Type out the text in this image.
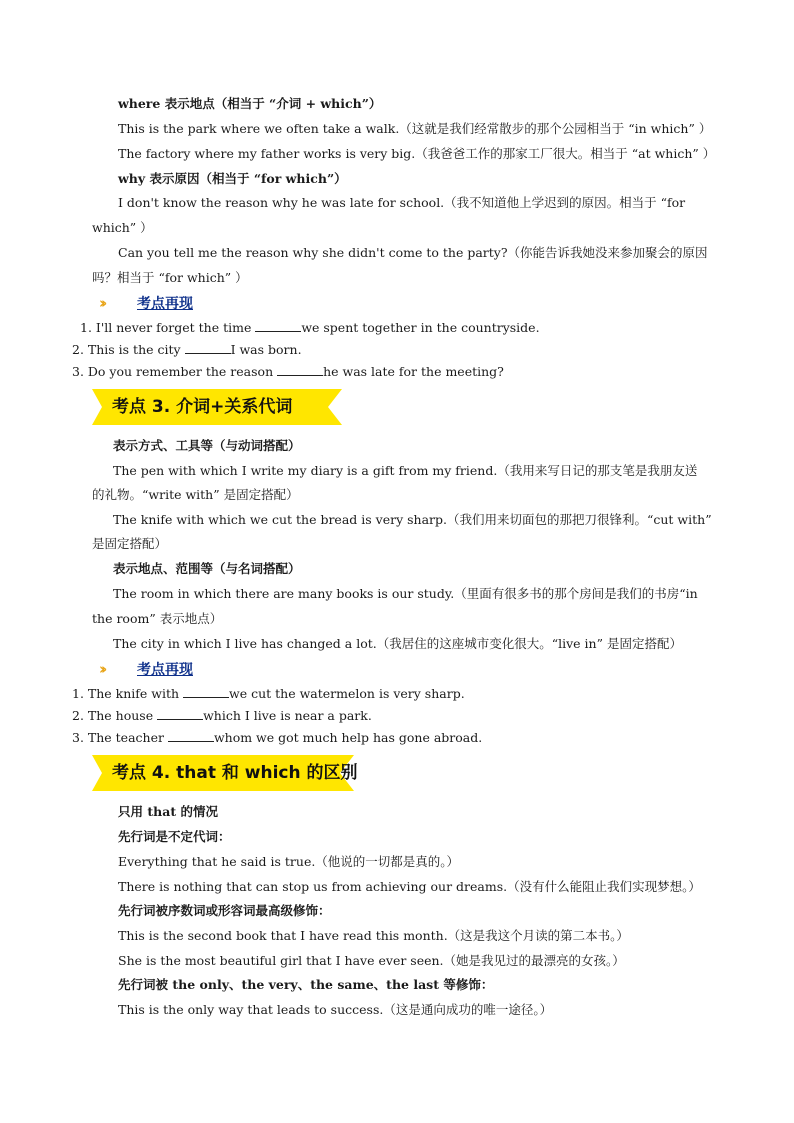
where 表示地点（相当于 “介词 + which”）
This is the park where we often take a walk.（这就是我们经常散步的那个公园相当于 “in which” ）
The factory where my father works is very big.（我爸爸工作的那家工厂很大。相当于 “at which” ）
why 表示原因（相当于 “for which”）
I don't know the reason why he was late for school.（我不知道他上学迟到的原因。相当于 “for
which” ）
Can you tell me the reason why she didn't come to the party?（你能告诉我她没来参加聚会的原因
吗？相当于 “for which” ）
››	考点再现
1. I'll never forget the time	we spent together in the countryside.
2. This is the city	I was born.
3. Do you remember the reason	he was late for the meeting?
考点 3. 介词+关系代词
表示方式、工具等（与动词搭配）
The pen with which I write my diary is a gift from my friend.（我用来写日记的那支笔是我朋友送
的礼物。“write with” 是固定搭配）
The knife with which we cut the bread is very sharp.（我们用来切面包的那把刀很锋利。“cut with”
是固定搭配）
表示地点、范围等（与名词搭配）
The room in which there are many books is our study.（里面有很多书的那个房间是我们的书房“in
the room” 表示地点）
The city in which I live has changed a lot.（我居住的这座城市变化很大。“live in” 是固定搭配）
››	考点再现
1. The knife with	we cut the watermelon is very sharp.
2. The house	which I live is near a park.
3. The teacher	whom we got much help has gone abroad.
考点 4. that 和 which 的区别
只用 that 的情况
先行词是不定代词：
Everything that he said is true.（他说的一切都是真的。）
There is nothing that can stop us from achieving our dreams.（没有什么能阻止我们实现梦想。）
先行词被序数词或形容词最高级修饰：
This is the second book that I have read this month.（这是我这个月读的第二本书。）
She is the most beautiful girl that I have ever seen.（她是我见过的最漂亮的女孩。）
先行词被 the only、the very、the same、the last 等修饰：
This is the only way that leads to success.（这是通向成功的唯一途径。）
